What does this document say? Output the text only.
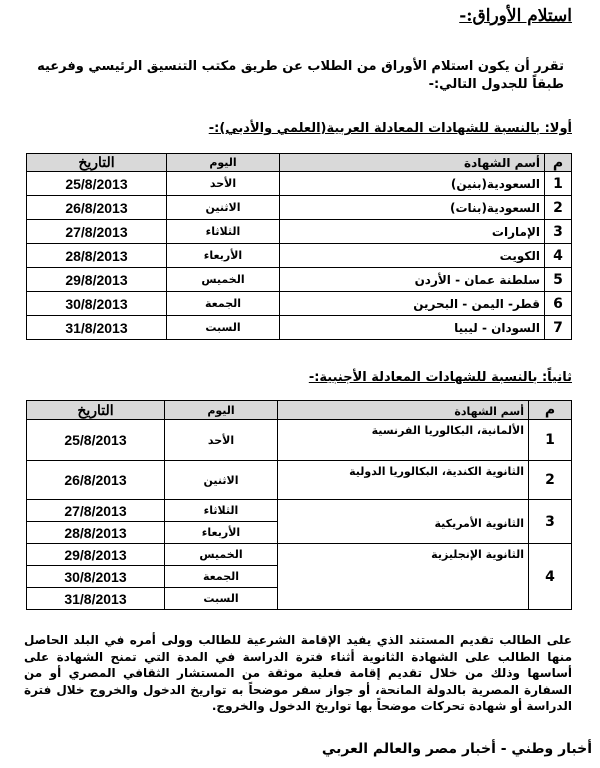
استلام الأوراق:-
تقرر أن يكون استلام الأوراق من الطلاب عن طريق مكتب التنسيق الرئيسي وفرعيه طبقاً للجدول التالي:-
أولا: بالنسبة للشهادات المعادلة العربية(العلمي والأدبي):-
م	أسم الشهادة	اليوم	التاريخ
1	السعودية(بنين)	الأحد	25/8/2013
2	السعودية(بنات)	الاثنين	26/8/2013
3	الإمارات	الثلاثاء	27/8/2013
4	الكويت	الأربعاء	28/8/2013
5	سلطنة عمان - الأردن	الخميس	29/8/2013
6	قطر- اليمن - البحرين	الجمعة	30/8/2013
7	السودان - ليبيا	السبت	31/8/2013
ثانياً: بالنسبة للشهادات المعادلة الأجنبية:-
م	أسم الشهادة	اليوم	التاريخ
1	الألمانية، البكالوريا الفرنسية	الأحد	25/8/2013
2	الثانوية الكندية، البكالوريا الدولية	الاثنين	26/8/2013
3	الثانوية الأمريكية	الثلاثاء	27/8/2013
		الأربعاء	28/8/2013
4	الثانوية الإنجليزية	الخميس	29/8/2013
		الجمعة	30/8/2013
		السبت	31/8/2013
على الطالب تقديم المستند الذي يفيد الإقامة الشرعية للطالب وولى أمره في البلد الحاصل منها الطالب على الشهادة الثانوية أثناء فترة الدراسة في المدة التي تمنح الشهادة على أساسها وذلك من خلال تقديم إقامة فعلية موثقة من المستشار الثقافي المصري أو من السفارة المصرية بالدولة المانحة، أو جواز سفر موضحاً به تواريخ الدخول والخروج خلال فترة الدراسة أو شهادة تحركات موضحاً بها تواريخ الدخول والخروج.
أخبار وطني - أخبار مصر والعالم العربي
